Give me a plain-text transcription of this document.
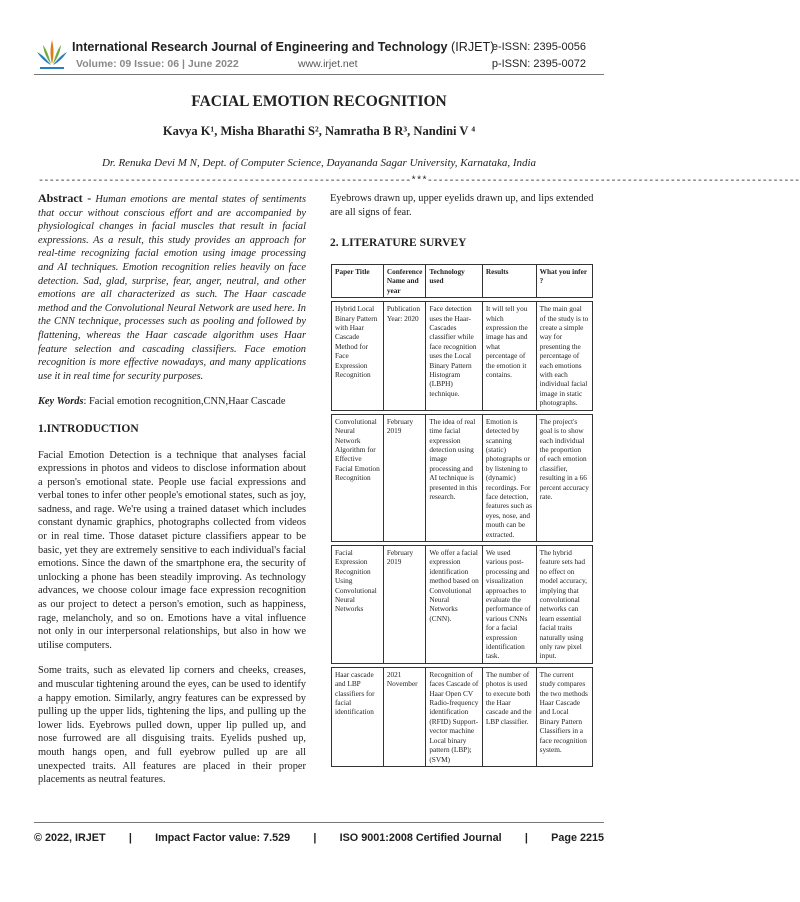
International Research Journal of Engineering and Technology (IRJET)
e-ISSN: 2395-0056
Volume: 09 Issue: 06 | June 2022	www.irjet.net	p-ISSN: 2395-0072
FACIAL EMOTION RECOGNITION
Kavya K¹, Misha Bharathi S², Namratha B R³, Nandini V ⁴
Dr. Renuka Devi M N, Dept. of Computer Science, Dayananda Sagar University, Karnataka, India
---------------------------------------------------------------------***---------------------------------------------------------------------

Abstract - Human emotions are mental states of sentiments that occur without conscious effort and are accompanied by physiological changes in facial muscles that result in facial expressions. As a result, this study provides an approach for real-time recognizing facial emotion using image processing and AI techniques. Emotion recognition relies heavily on face detection. Sad, glad, surprise, fear, anger, neutral, and other emotions are all characterized as such. The Haar cascade method and the Convolutional Neural Network are used here. In the CNN technique, processes such as pooling and followed by flattening, whereas the Haar cascade algorithm uses Haar feature selection and cascading classifiers. Face emotion recognition is more effective nowadays, and many applications use it in real time for security purposes.

Key Words: Facial emotion recognition,CNN,Haar Cascade

1.INTRODUCTION

Facial Emotion Detection is a technique that analyses facial expressions in photos and videos to disclose information about a person's emotional state. People use facial expressions and verbal tones to infer other people's emotional states, such as joy, sadness, and rage. We're using a trained dataset which includes constant dynamic graphics, photographs collected from videos or in real time. Those dataset picture classifiers appear to be basic, yet they are extremely sensitive to each individual's facial emotions. Since the dawn of the smartphone era, the security of unlocking a phone has been steadily improving. As technology advances, we choose colour image face expression recognition as our project to detect a person's emotion, such as happiness, rage, melancholy, and so on. Emotions have a vital influence not only in our interpersonal relationships, but also in how we utilise computers.

Some traits, such as elevated lip corners and cheeks, creases, and muscular tightening around the eyes, can be used to identify a happy emotion. Similarly, angry features can be expressed by pulling up the upper lids, tightening the lips, and pulling up the lower lids. Eyebrows pulled down, upper lip pulled up, and nose furrowed are all disguising traits. Eyelids pushed up, mouth hangs open, and full eyebrow pulled up are all unexpected traits. All features are placed in their proper placements as neutral features.

Eyebrows drawn up, upper eyelids drawn up, and lips extended are all signs of fear.

2. LITERATURE SURVEY
Paper Title	Conference Name and year	Technology used	Results	What you infer ?

Hybrid Local Binary Pattern with Haar Cascade Method for Face Expression Recognition	Publication Year: 2020	Face detection uses the Haar-Cascades classifier while face recognition uses the Local Binary Pattern Histogram (LBPH) technique.	It will tell you which expression the image has and what percentage of the emotion it contains.	The main goal of the study is to create a simple way for presenting the percentage of each emotions with each individual facial image in static photographs.

Convolutional Neural Network Algorithm for Effective Facial Emotion Recognition	February 2019	The idea of real time facial expression detection using image processing and AI technique is presented in this research.	Emotion is detected by scanning (static) photographs or by listening to (dynamic) recordings. For face detection, features such as eyes, nose, and mouth can be extracted.	The project's goal is to show each individual the proportion of each emotion classifier, resulting in a 66 percent accuracy rate.

Facial Expression Recognition Using Convolutional Neural Networks	February 2019	We offer a facial expression identification method based on Convolutional Neural Networks (CNN).	We used various post-processing and visualization approaches to evaluate the performance of various CNNs for a facial expression identification task.	The hybrid feature sets had no effect on model accuracy, implying that convolutional networks can learn essential facial traits naturally using only raw pixel input.

Haar cascade and LBP classifiers for facial identification	2021 November	Recognition of faces Cascade of Haar Open CV Radio-frequency identification (RFID) Support-vector machine Local binary pattern (LBP); (SVM)	The number of photos is used to execute both the Haar cascade and the LBP classifier.	The current study compares the two methods Haar Cascade and Local Binary Pattern Classifiers in a face recognition system.
© 2022, IRJET | Impact Factor value: 7.529 | ISO 9001:2008 Certified Journal | Page 2215
